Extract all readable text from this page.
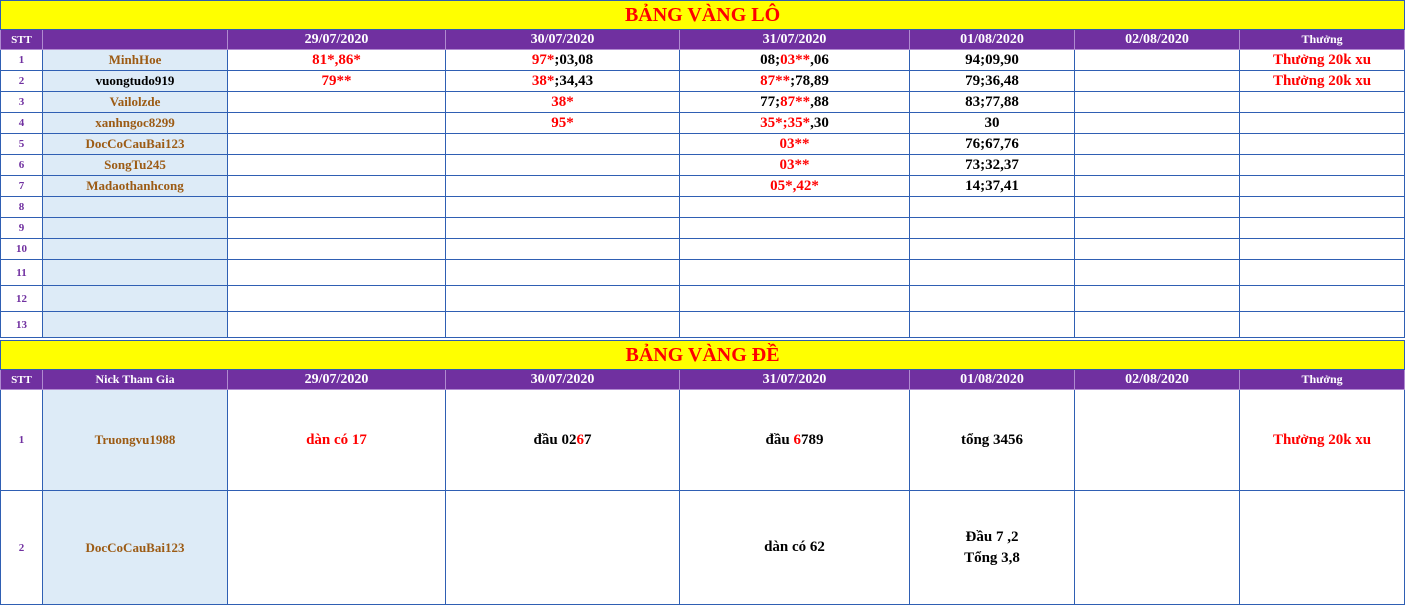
BẢNG VÀNG LÔ							
STT		29/07/2020	30/07/2020	31/07/2020	01/08/2020	02/08/2020	Thưởng
1	MinhHoe	81*,86*	97*;03,08	08;03**,06	94;09,90		Thưởng 20k xu
2	vuongtudo919	79**	38*;34,43	87**;78,89	79;36,48		Thưởng 20k xu
3	Vailolzde		38*	77;87**,88	83;77,88		
4	xanhngoc8299		95*	35*;35*,30	30		
5	DocCoCauBai123			03**	76;67,76		
6	SongTu245			03**	73;32,37		
7	Madaothanhcong			05*,42*	14;37,41		
8							
9							
10							
11							
12							
13							
BẢNG VÀNG ĐỀ							
STT	Nick Tham Gia	29/07/2020	30/07/2020	31/07/2020	01/08/2020	02/08/2020	Thưởng
1	Truongvu1988	dàn có 17	đầu 0267	đầu 6789	tổng 3456		Thưởng 20k xu
2	DocCoCauBai123			dàn có 62	Đầu 7 ,2
Tổng 3,8		
